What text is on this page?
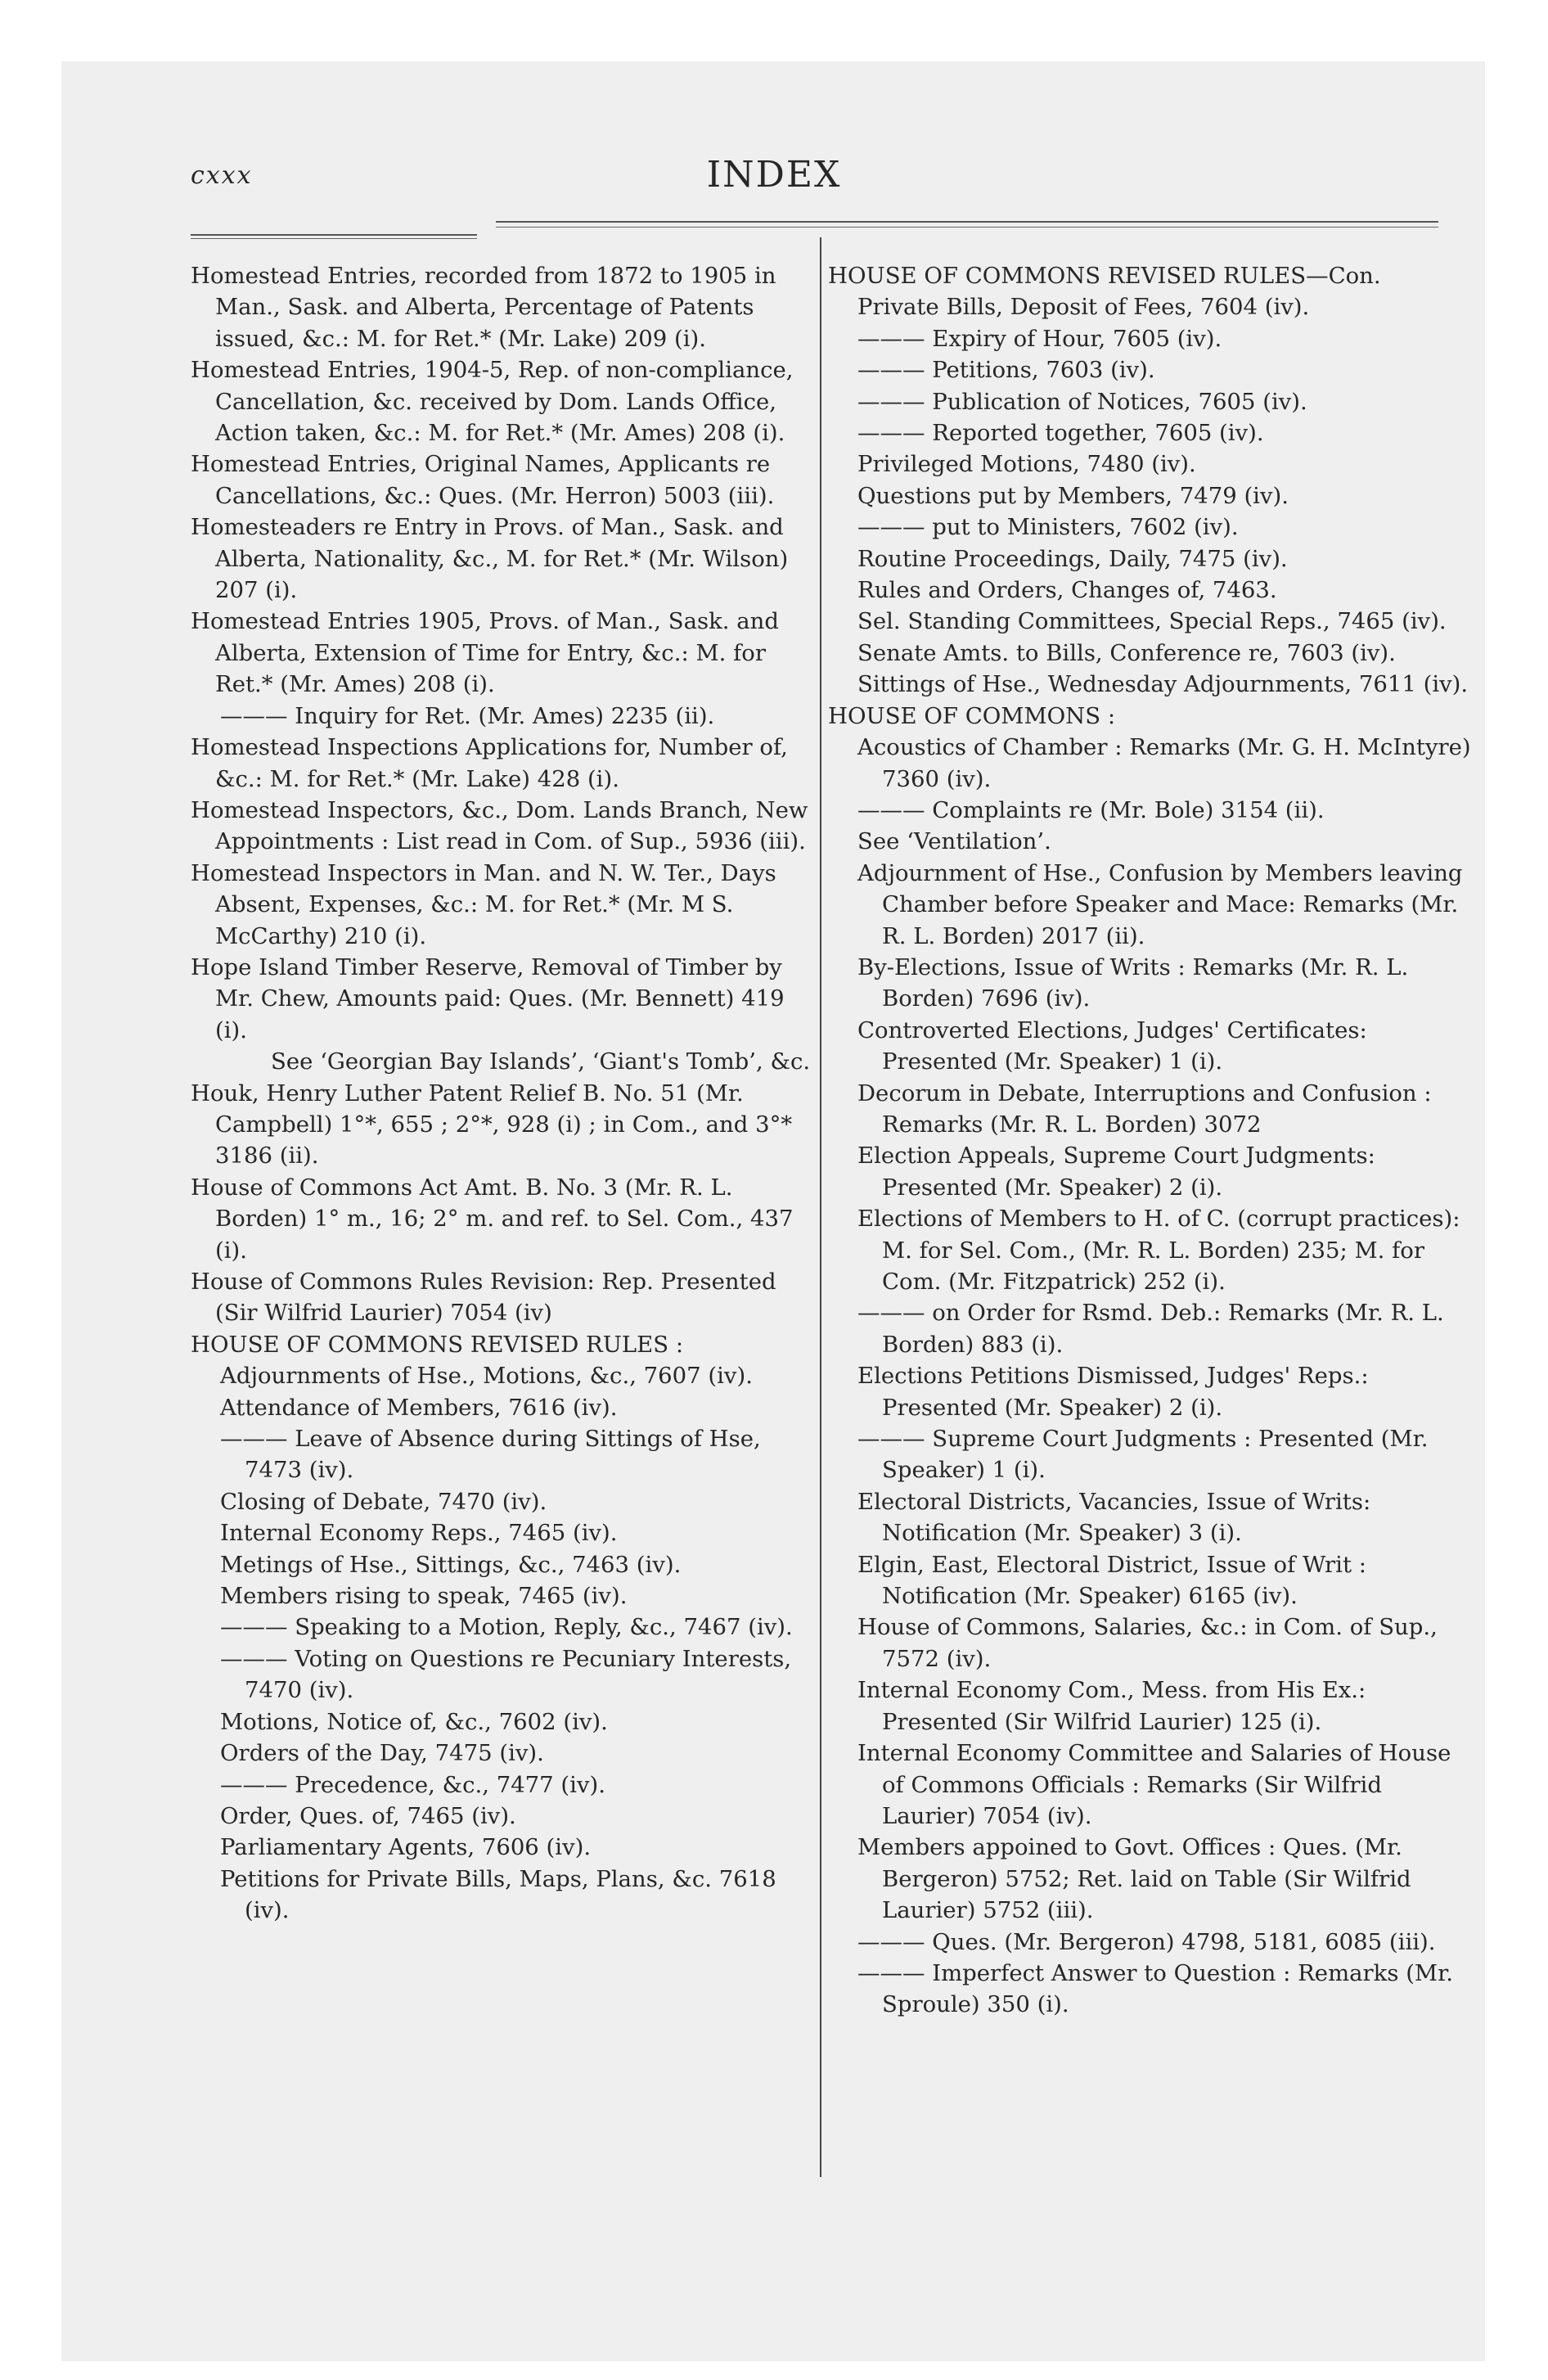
cxxx	INDEX

Homestead Entries, recorded from 1872 to 1905 in Man., Sask. and Alberta, Percentage of Patents issued, &c.: M. for Ret.* (Mr. Lake) 209 (i).

Homestead Entries, 1904-5, Rep. of non-compliance, Cancellation, &c. received by Dom. Lands Office, Action taken, &c.: M. for Ret.* (Mr. Ames) 208 (i).

Homestead Entries, Original Names, Applicants re Cancellations, &c.: Ques. (Mr. Herron) 5003 (iii).

Homesteaders re Entry in Provs. of Man., Sask. and Alberta, Nationality, &c., M. for Ret.* (Mr. Wilson) 207 (i).

Homestead Entries 1905, Provs. of Man., Sask. and Alberta, Extension of Time for Entry, &c.: M. for Ret.* (Mr. Ames) 208 (i).

——— Inquiry for Ret. (Mr. Ames) 2235 (ii).

Homestead Inspections Applications for, Number of, &c.: M. for Ret.* (Mr. Lake) 428 (i).

Homestead Inspectors, &c., Dom. Lands Branch, New Appointments : List read in Com. of Sup., 5936 (iii).

Homestead Inspectors in Man. and N. W. Ter., Days Absent, Expenses, &c.: M. for Ret.* (Mr. M S. McCarthy) 210 (i).

Hope Island Timber Reserve, Removal of Timber by Mr. Chew, Amounts paid: Ques. (Mr. Bennett) 419 (i).

See ‘Georgian Bay Islands’, ‘Giant's Tomb’, &c.

Houk, Henry Luther Patent Relief B. No. 51 (Mr. Campbell) 1°*, 655 ; 2°*, 928 (i) ; in Com., and 3°* 3186 (ii).

House of Commons Act Amt. B. No. 3 (Mr. R. L. Borden) 1° m., 16; 2° m. and ref. to Sel. Com., 437 (i).

House of Commons Rules Revision: Rep. Presented (Sir Wilfrid Laurier) 7054 (iv)

HOUSE OF COMMONS REVISED RULES :

Adjournments of Hse., Motions, &c., 7607 (iv).

Attendance of Members, 7616 (iv).

——— Leave of Absence during Sittings of Hse, 7473 (iv).

Closing of Debate, 7470 (iv).

Internal Economy Reps., 7465 (iv).

Metings of Hse., Sittings, &c., 7463 (iv).

Members rising to speak, 7465 (iv).

——— Speaking to a Motion, Reply, &c., 7467 (iv).

——— Voting on Questions re Pecuniary Interests, 7470 (iv).

Motions, Notice of, &c., 7602 (iv).

Orders of the Day, 7475 (iv).

——— Precedence, &c., 7477 (iv).

Order, Ques. of, 7465 (iv).

Parliamentary Agents, 7606 (iv).

Petitions for Private Bills, Maps, Plans, &c. 7618 (iv).

HOUSE OF COMMONS REVISED RULES—Con.

Private Bills, Deposit of Fees, 7604 (iv).

——— Expiry of Hour, 7605 (iv).

——— Petitions, 7603 (iv).

——— Publication of Notices, 7605 (iv).

——— Reported together, 7605 (iv).

Privileged Motions, 7480 (iv).

Questions put by Members, 7479 (iv).

——— put to Ministers, 7602 (iv).

Routine Proceedings, Daily, 7475 (iv).

Rules and Orders, Changes of, 7463.

Sel. Standing Committees, Special Reps., 7465 (iv).

Senate Amts. to Bills, Conference re, 7603 (iv).

Sittings of Hse., Wednesday Adjournments, 7611 (iv).

HOUSE OF COMMONS :

Acoustics of Chamber : Remarks (Mr. G. H. McIntyre) 7360 (iv).

——— Complaints re (Mr. Bole) 3154 (ii).

See ‘Ventilation’.

Adjournment of Hse., Confusion by Members leaving Chamber before Speaker and Mace: Remarks (Mr. R. L. Borden) 2017 (ii).

By-Elections, Issue of Writs : Remarks (Mr. R. L. Borden) 7696 (iv).

Controverted Elections, Judges' Certificates: Presented (Mr. Speaker) 1 (i).

Decorum in Debate, Interruptions and Confusion : Remarks (Mr. R. L. Borden) 3072

Election Appeals, Supreme Court Judgments: Presented (Mr. Speaker) 2 (i).

Elections of Members to H. of C. (corrupt practices): M. for Sel. Com., (Mr. R. L. Borden) 235; M. for Com. (Mr. Fitzpatrick) 252 (i).

——— on Order for Rsmd. Deb.: Remarks (Mr. R. L. Borden) 883 (i).

Elections Petitions Dismissed, Judges' Reps.: Presented (Mr. Speaker) 2 (i).

——— Supreme Court Judgments : Presented (Mr. Speaker) 1 (i).

Electoral Districts, Vacancies, Issue of Writs: Notification (Mr. Speaker) 3 (i).

Elgin, East, Electoral District, Issue of Writ : Notification (Mr. Speaker) 6165 (iv).

House of Commons, Salaries, &c.: in Com. of Sup., 7572 (iv).

Internal Economy Com., Mess. from His Ex.: Presented (Sir Wilfrid Laurier) 125 (i).

Internal Economy Committee and Salaries of House of Commons Officials : Remarks (Sir Wilfrid Laurier) 7054 (iv).

Members appoined to Govt. Offices : Ques. (Mr. Bergeron) 5752; Ret. laid on Table (Sir Wilfrid Laurier) 5752 (iii).

——— Ques. (Mr. Bergeron) 4798, 5181, 6085 (iii).

——— Imperfect Answer to Question : Remarks (Mr. Sproule) 350 (i).
